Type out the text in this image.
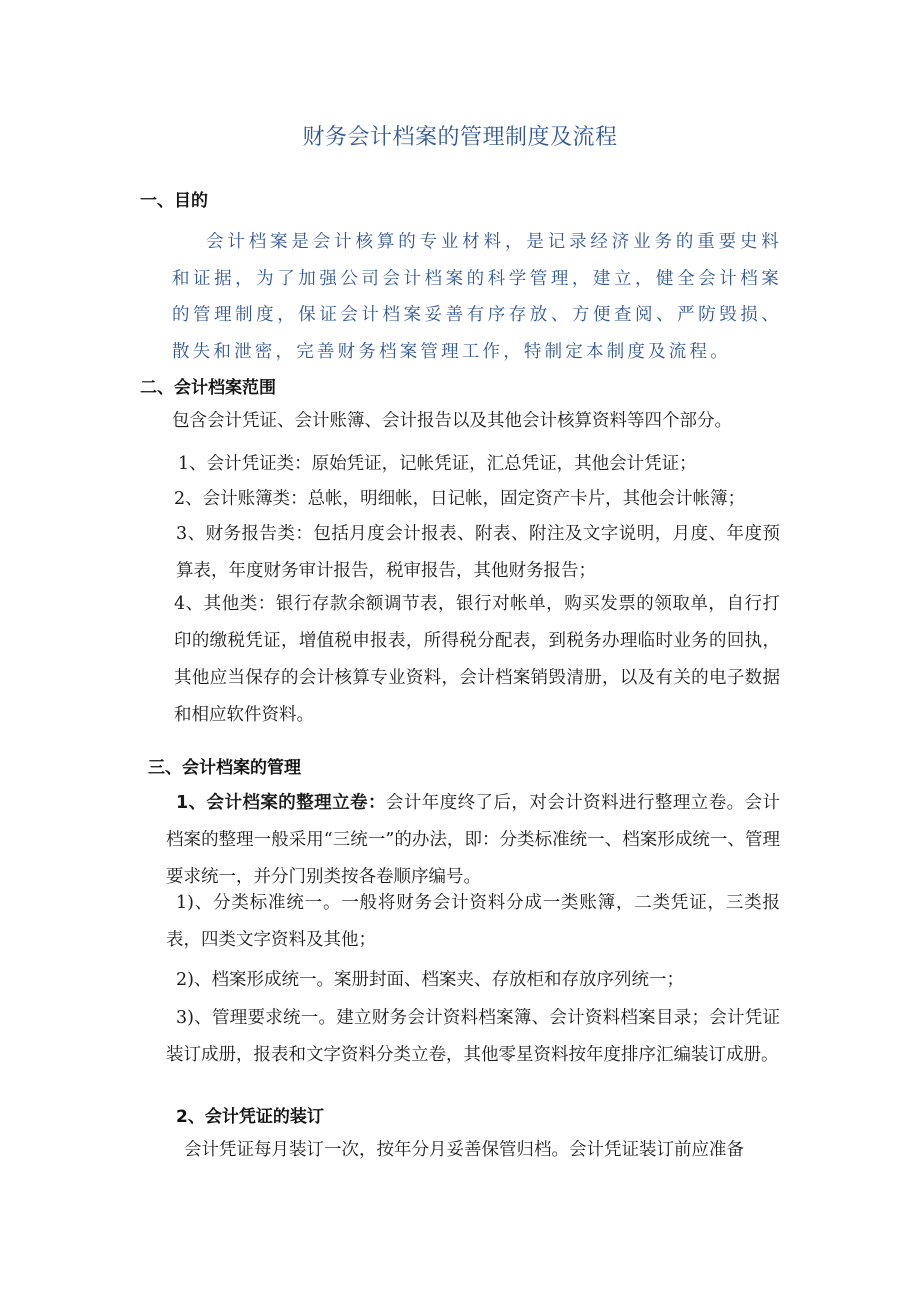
财务会计档案的管理制度及流程
一、目的
会计档案是会计核算的专业材料，是记录经济业务的重要史料和证据，为了加强公司会计档案的科学管理，建立，健全会计档案的管理制度，保证会计档案妥善有序存放、方便查阅、严防毁损、散失和泄密，完善财务档案管理工作，特制定本制度及流程。
二、会计档案范围
包含会计凭证、会计账簿、会计报告以及其他会计核算资料等四个部分。
1、会计凭证类：原始凭证，记帐凭证，汇总凭证，其他会计凭证；
2、会计账簿类：总帐，明细帐，日记帐，固定资产卡片，其他会计帐簿；
3、财务报告类：包括月度会计报表、附表、附注及文字说明，月度、年度预算表，年度财务审计报告，税审报告，其他财务报告；
4、其他类：银行存款余额调节表，银行对帐单，购买发票的领取单，自行打印的缴税凭证，增值税申报表，所得税分配表，到税务办理临时业务的回执，其他应当保存的会计核算专业资料，会计档案销毁清册，以及有关的电子数据和相应软件资料。
三、会计档案的管理
1、会计档案的整理立卷：会计年度终了后，对会计资料进行整理立卷。会计档案的整理一般采用“三统一”的办法，即：分类标准统一、档案形成统一、管理要求统一，并分门别类按各卷顺序编号。
1)、分类标准统一。一般将财务会计资料分成一类账簿，二类凭证，三类报表，四类文字资料及其他；
2)、档案形成统一。案册封面、档案夹、存放柜和存放序列统一；
3)、管理要求统一。建立财务会计资料档案簿、会计资料档案目录；会计凭证装订成册，报表和文字资料分类立卷，其他零星资料按年度排序汇编装订成册。
2、会计凭证的装订
会计凭证每月装订一次，按年分月妥善保管归档。会计凭证装订前应准备
